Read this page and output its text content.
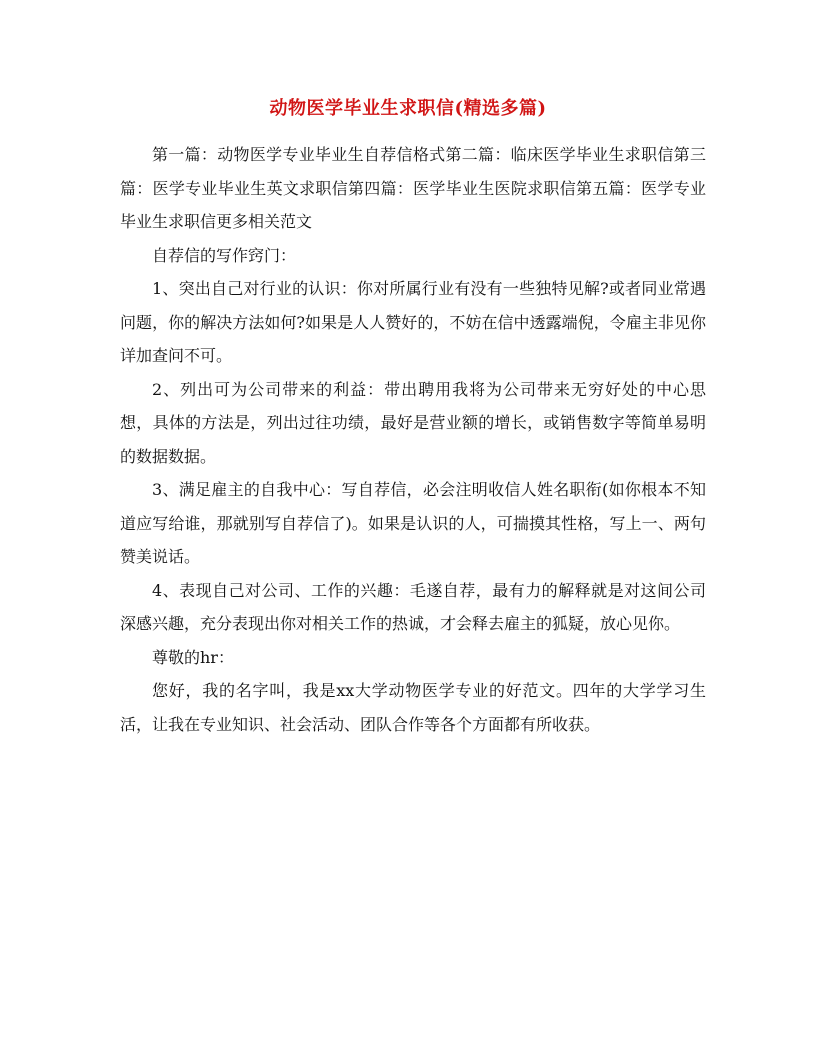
动物医学毕业生求职信(精选多篇)

第一篇：动物医学专业毕业生自荐信格式第二篇：临床医学毕业生求职信第三篇：医学专业毕业生英文求职信第四篇：医学毕业生医院求职信第五篇：医学专业毕业生求职信更多相关范文

自荐信的写作窍门：

1、突出自己对行业的认识：你对所属行业有没有一些独特见解?或者同业常遇问题，你的解决方法如何?如果是人人赞好的，不妨在信中透露端倪，令雇主非见你详加查问不可。

2、列出可为公司带来的利益：带出聘用我将为公司带来无穷好处的中心思想，具体的方法是，列出过往功绩，最好是营业额的增长，或销售数字等简单易明的数据数据。

3、满足雇主的自我中心：写自荐信，必会注明收信人姓名职衔(如你根本不知道应写给谁，那就别写自荐信了)。如果是认识的人，可揣摸其性格，写上一、两句赞美说话。

4、表现自己对公司、工作的兴趣：毛遂自荐，最有力的解释就是对这间公司深感兴趣，充分表现出你对相关工作的热诚，才会释去雇主的狐疑，放心见你。

尊敬的hr：

您好，我的名字叫，我是xx大学动物医学专业的好范文。四年的大学学习生活，让我在专业知识、社会活动、团队合作等各个方面都有所收获。
